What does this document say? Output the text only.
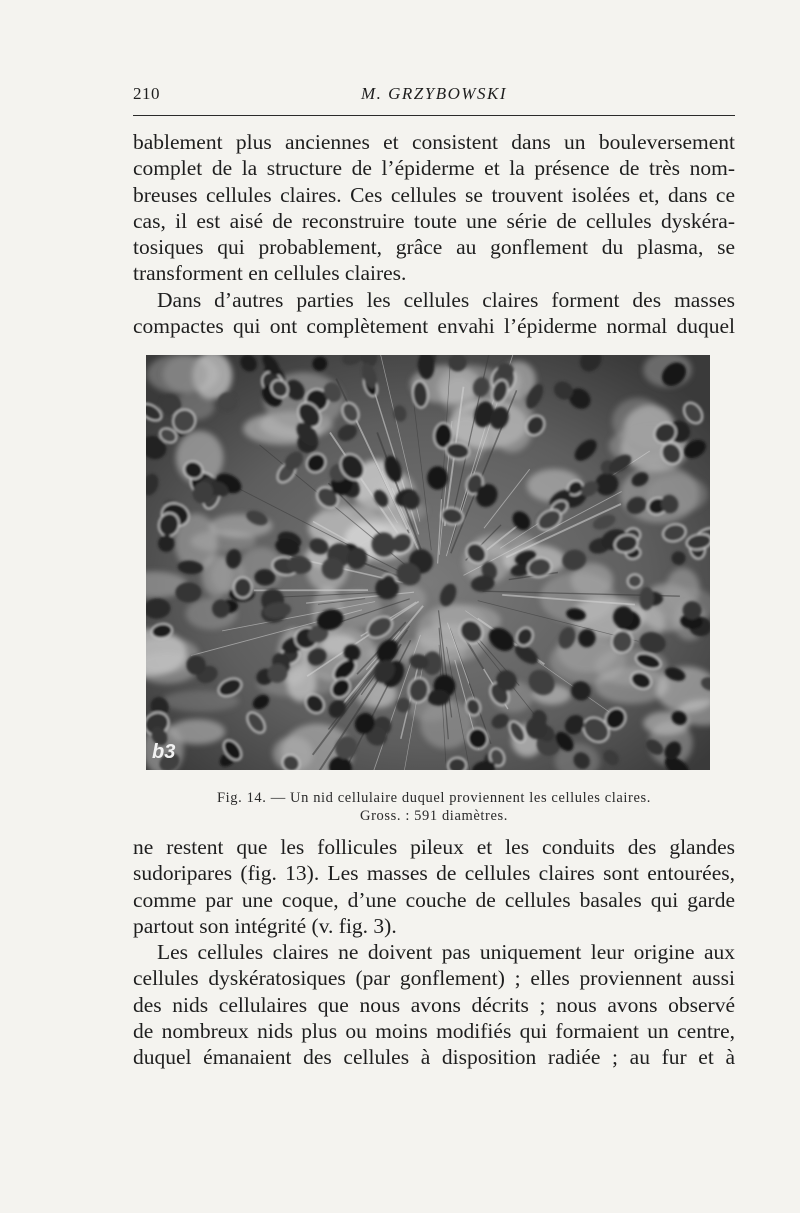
210	M. GRZYBOWSKI

bablement plus anciennes et consistent dans un bouleversement
complet de la structure de l’épiderme et la présence de très nom-
breuses cellules claires. Ces cellules se trouvent isolées et, dans ce
cas, il est aisé de reconstruire toute une série de cellules dyskéra-
tosiques qui probablement, grâce au gonflement du plasma, se
transforment en cellules claires.
Dans d’autres parties les cellules claires forment des masses
compactes qui ont complètement envahi l’épiderme normal duquel

b3
Fig. 14. — Un nid cellulaire duquel proviennent les cellules claires.
Gross. : 591 diamètres.

ne restent que les follicules pileux et les conduits des glandes
sudoripares (fig. 13). Les masses de cellules claires sont entourées,
comme par une coque, d’une couche de cellules basales qui garde
partout son intégrité (v. fig. 3).
Les cellules claires ne doivent pas uniquement leur origine aux
cellules dyskératosiques (par gonflement) ; elles proviennent aussi
des nids cellulaires que nous avons décrits ; nous avons observé
de nombreux nids plus ou moins modifiés qui formaient un centre,
duquel émanaient des cellules à disposition radiée ; au fur et à
